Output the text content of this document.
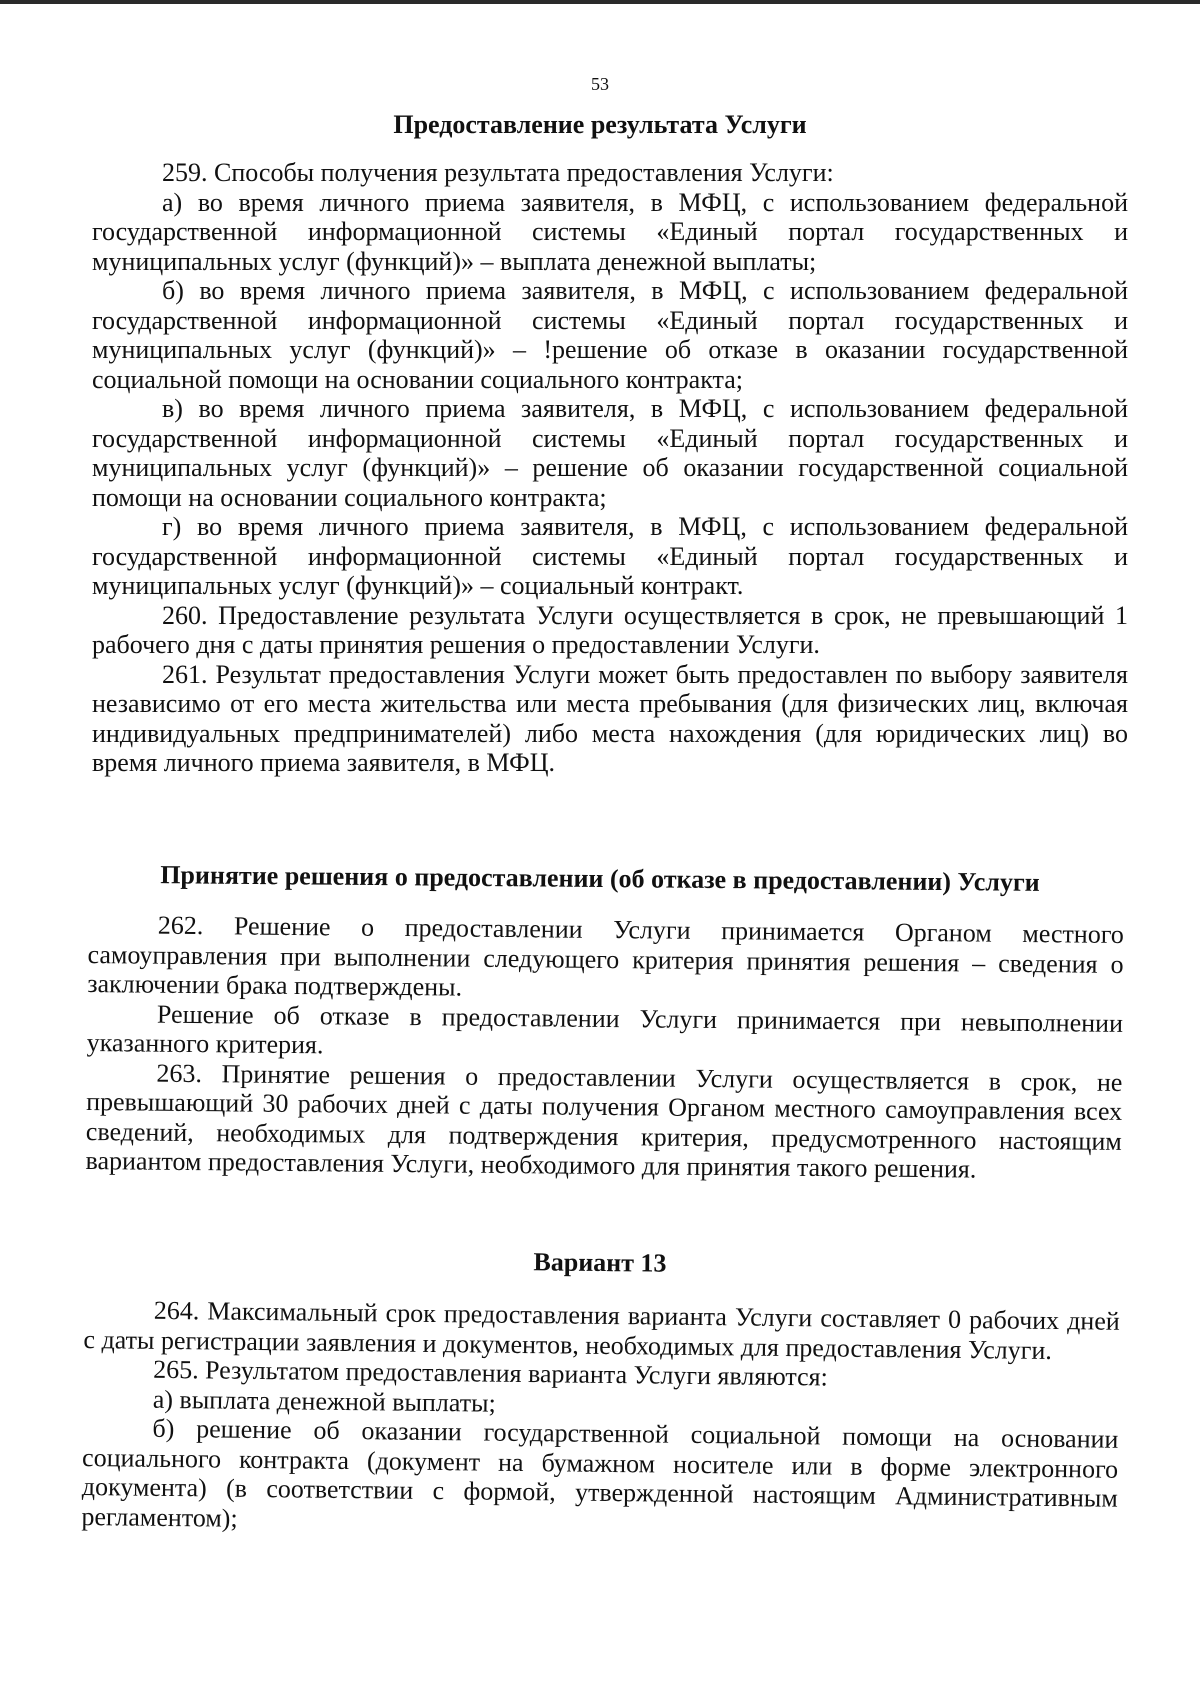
53
Предоставление результата Услуги

259. Способы получения результата предоставления Услуги:

а) во время личного приема заявителя, в МФЦ, с использованием федеральной государственной информационной системы «Единый портал государственных и муниципальных услуг (функций)» – выплата денежной выплаты;

б) во время личного приема заявителя, в МФЦ, с использованием федеральной государственной информационной системы «Единый портал государственных и муниципальных услуг (функций)» – !решение об отказе в оказании государственной социальной помощи на основании социального контракта;

в) во время личного приема заявителя, в МФЦ, с использованием федеральной государственной информационной системы «Единый портал государственных и муниципальных услуг (функций)» – решение об оказании государственной социальной помощи на основании социального контракта;

г) во время личного приема заявителя, в МФЦ, с использованием федеральной государственной информационной системы «Единый портал государственных и муниципальных услуг (функций)» – социальный контракт.

260. Предоставление результата Услуги осуществляется в срок, не превышающий 1 рабочего дня с даты принятия решения о предоставлении Услуги.

261. Результат предоставления Услуги может быть предоставлен по выбору заявителя независимо от его места жительства или места пребывания (для физических лиц, включая индивидуальных предпринимателей) либо места нахождения (для юридических лиц) во время личного приема заявителя, в МФЦ.

Принятие решения о предоставлении (об отказе в предоставлении) Услуги

262. Решение о предоставлении Услуги принимается Органом местного самоуправления при выполнении следующего критерия принятия решения – сведения о заключении брака подтверждены.

Решение об отказе в предоставлении Услуги принимается при невыполнении указанного критерия.

263. Принятие решения о предоставлении Услуги осуществляется в срок, не превышающий 30 рабочих дней с даты получения Органом местного самоуправления всех сведений, необходимых для подтверждения критерия, предусмотренного настоящим вариантом предоставления Услуги, необходимого для принятия такого решения.

Вариант 13

264. Максимальный срок предоставления варианта Услуги составляет 0 рабочих дней с даты регистрации заявления и документов, необходимых для предоставления Услуги.

265. Результатом предоставления варианта Услуги являются:

а) выплата денежной выплаты;

б) решение об оказании государственной социальной помощи на основании социального контракта (документ на бумажном носителе или в форме электронного документа) (в соответствии с формой, утвержденной настоящим Административным регламентом);
